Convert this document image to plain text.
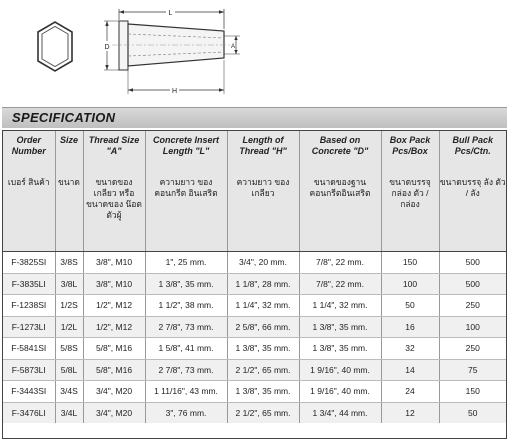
L
D	A
H
SPECIFICATION
Order Number	Size	Thread Size "A"	Concrete Insert Length "L"	Length of Thread "H"	Based on Concrete "D"	Box Pack Pcs/Box	Bull Pack Pcs/Ctn.
เบอร์ สินค้า	ขนาด	ขนาดของ เกลียว หรือ ขนาดของ น๊อตตัวผู้	ความยาว ของคอนกรีต อินเสริต	ความยาว ของเกลียว	ขนาดของฐาน คอนกรีตอินเสริต	ขนาดบรรจุ กล่อง ตัว / กล่อง	ขนาดบรรจุ ลัง ตัว / ลัง
F-3825SI	3/8S	3/8", M10	1", 25 mm.	3/4", 20 mm.	7/8", 22 mm.	150	500
F-3835LI	3/8L	3/8", M10	1 3/8", 35 mm.	1 1/8", 28 mm.	7/8", 22 mm.	100	500
F-1238SI	1/2S	1/2", M12	1 1/2", 38 mm.	1 1/4", 32 mm.	1 1/4", 32 mm.	50	250
F-1273LI	1/2L	1/2", M12	2 7/8", 73 mm.	2 5/8", 66 mm.	1 3/8", 35 mm.	16	100
F-5841SI	5/8S	5/8", M16	1 5/8", 41 mm.	1 3/8", 35 mm.	1 3/8", 35 mm.	32	250
F-5873LI	5/8L	5/8", M16	2 7/8", 73 mm.	2 1/2", 65 mm.	1 9/16", 40 mm.	14	75
F-3443SI	3/4S	3/4", M20	1 11/16", 43 mm.	1 3/8", 35 mm.	1 9/16", 40 mm.	24	150
F-3476LI	3/4L	3/4", M20	3", 76 mm.	2 1/2", 65 mm.	1 3/4", 44 mm.	12	50
